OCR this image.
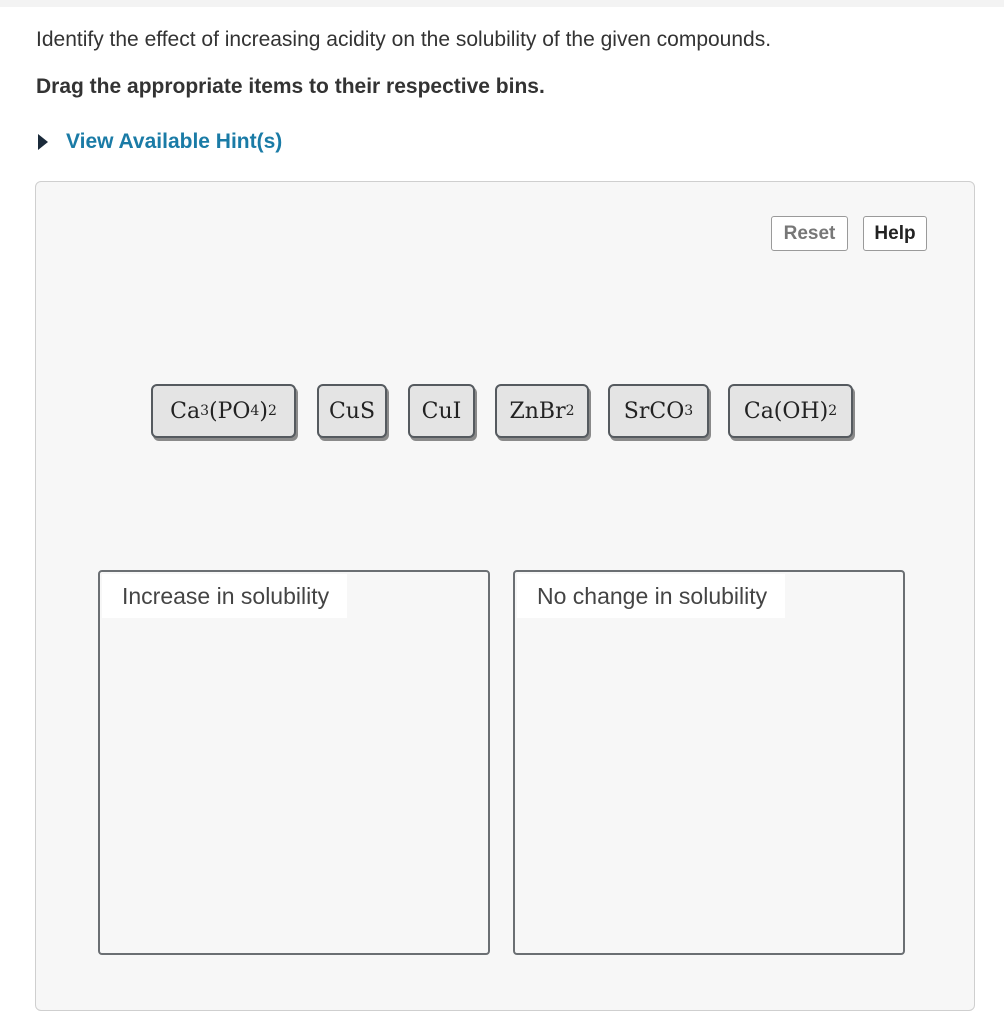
Identify the effect of increasing acidity on the solubility of the given compounds.
Drag the appropriate items to their respective bins.
View Available Hint(s)
Reset	Help
Ca 3 (PO 4 ) 2	CuS	CuI	ZnBr 2	SrCO 3	Ca(OH) 2
Increase in solubility	No change in solubility
